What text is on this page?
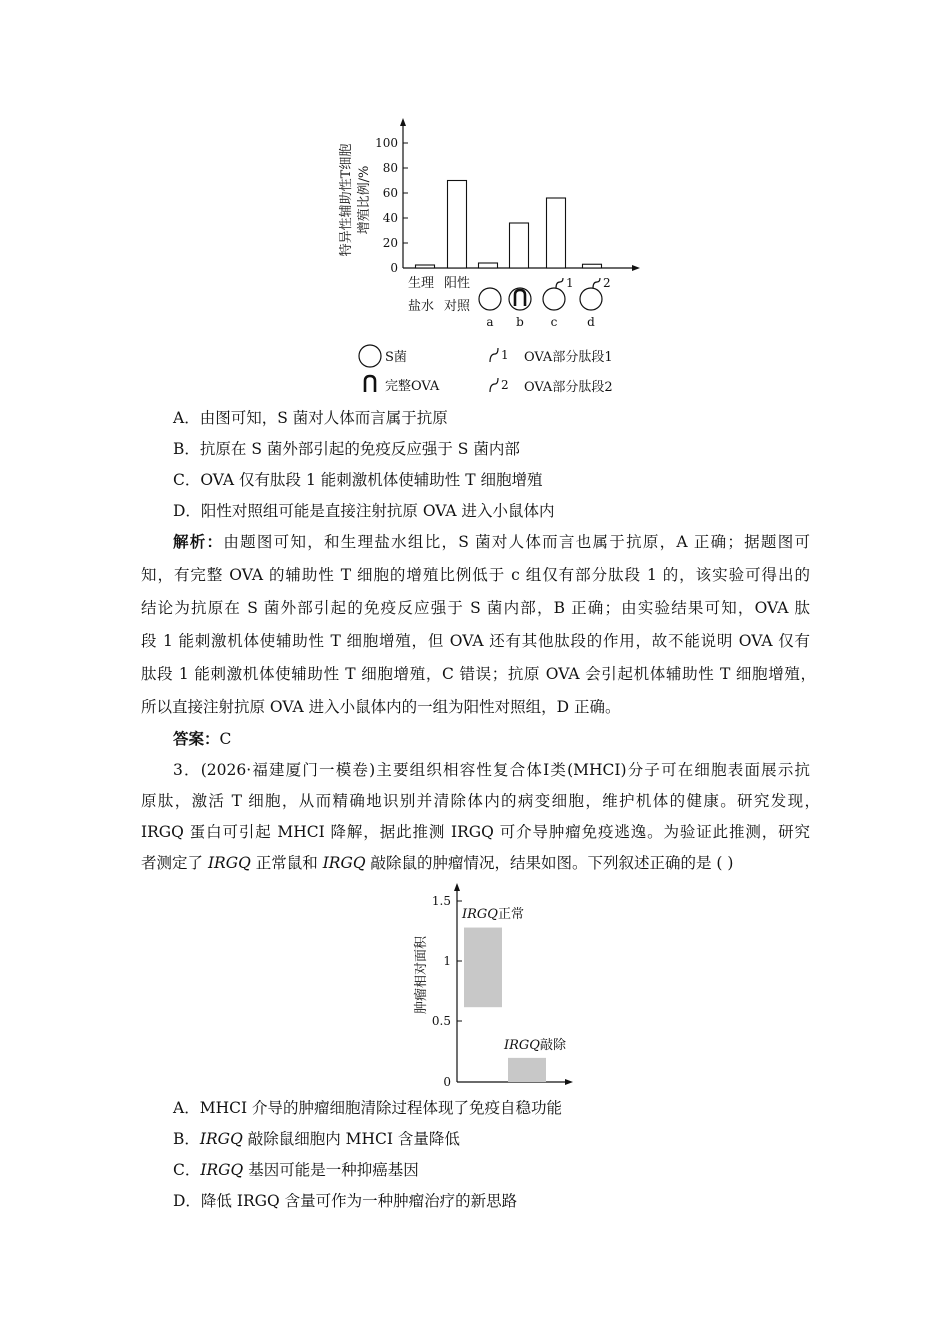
特异性辅助性T细胞 增殖比例/%
100
80
60
40
20
0
生理
盐水
阳性
对照
a b
1
c
2
d
S菌
完整OVA
1 OVA部分肽段1
2 OVA部分肽段2
A．由图可知，S 菌对人体而言属于抗原
B．抗原在 S 菌外部引起的免疫反应强于 S 菌内部
C．OVA 仅有肽段 1 能刺激机体使辅助性 T 细胞增殖
D．阳性对照组可能是直接注射抗原 OVA 进入小鼠体内
解析：由题图可知，和生理盐水组比，S 菌对人体而言也属于抗原，A 正确；据题图可
知，有完整 OVA 的辅助性 T 细胞的增殖比例低于 c 组仅有部分肽段 1 的，该实验可得出的
结论为抗原在 S 菌外部引起的免疫反应强于 S 菌内部，B 正确；由实验结果可知，OVA 肽
段 1 能刺激机体使辅助性 T 细胞增殖，但 OVA 还有其他肽段的作用，故不能说明 OVA 仅有
肽段 1 能刺激机体使辅助性 T 细胞增殖，C 错误；抗原 OVA 会引起机体辅助性 T 细胞增殖，
所以直接注射抗原 OVA 进入小鼠体内的一组为阳性对照组，D 正确。
答案：C
3．(2026·福建厦门一模卷)主要组织相容性复合体Ⅰ类(MHCI)分子可在细胞表面展示抗
原肽，激活 T 细胞，从而精确地识别并清除体内的病变细胞，维护机体的健康。研究发现，
IRGQ 蛋白可引起 MHCI 降解，据此推测 IRGQ 可介导肿瘤免疫逃逸。为验证此推测，研究
者测定了 IRGQ 正常鼠和 IRGQ 敲除鼠的肿瘤情况，结果如图。下列叙述正确的是 ( )
肿瘤相对面积
1.5
1
0.5
0
IRGQ正常
IRGQ敲除
A．MHCI 介导的肿瘤细胞清除过程体现了免疫自稳功能
B．IRGQ 敲除鼠细胞内 MHCI 含量降低
C．IRGQ 基因可能是一种抑癌基因
D．降低 IRGQ 含量可作为一种肿瘤治疗的新思路
